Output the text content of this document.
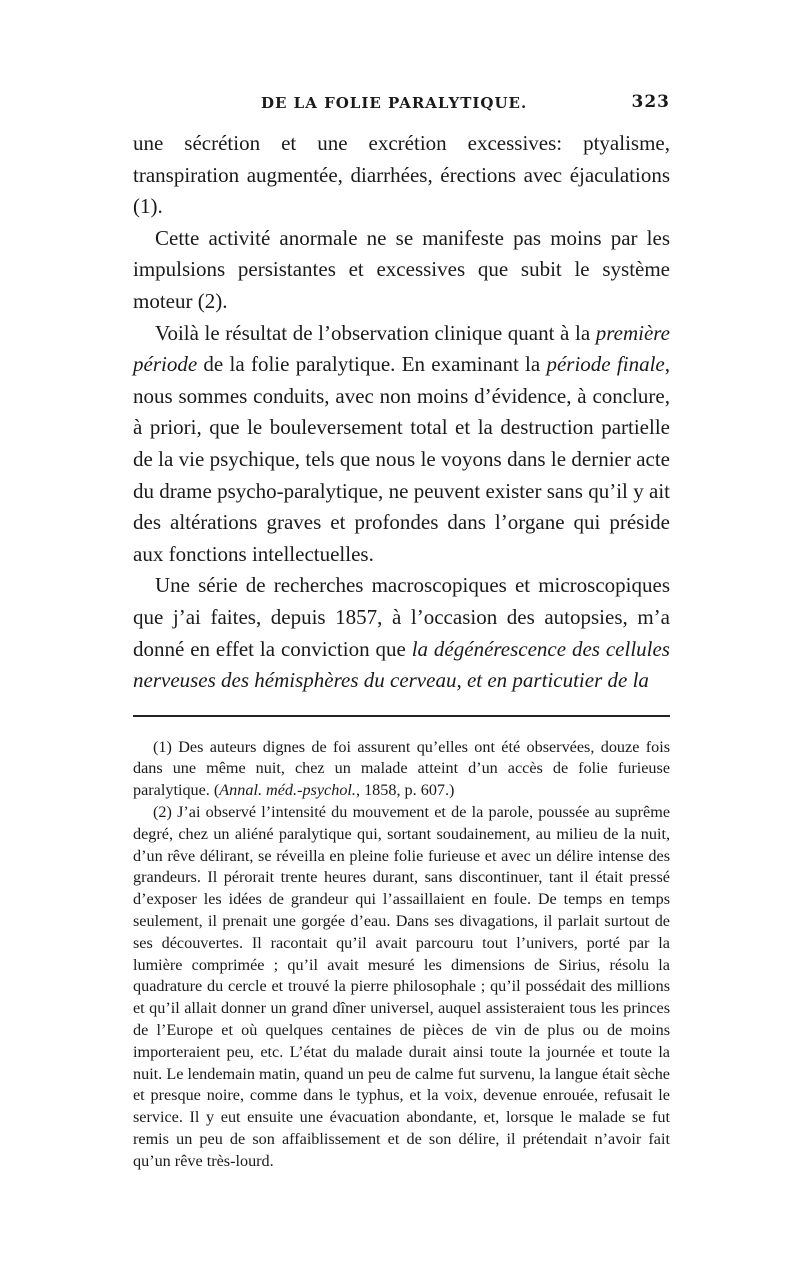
DE LA FOLIE PARALYTIQUE.	323

une sécrétion et une excrétion excessives: ptyalisme, transpiration augmentée, diarrhées, érections avec éjaculations (1).

Cette activité anormale ne se manifeste pas moins par les impulsions persistantes et excessives que subit le système moteur (2).

Voilà le résultat de l’observation clinique quant à la première période de la folie paralytique. En examinant la période finale, nous sommes conduits, avec non moins d’évidence, à conclure, à priori, que le bouleversement total et la destruction partielle de la vie psychique, tels que nous le voyons dans le dernier acte du drame psycho-paralytique, ne peuvent exister sans qu’il y ait des altérations graves et profondes dans l’organe qui préside aux fonctions intellectuelles.

Une série de recherches macroscopiques et microscopiques que j’ai faites, depuis 1857, à l’occasion des autopsies, m’a donné en effet la conviction que la dégénérescence des cellules nerveuses des hémisphères du cerveau, et en particutier de la

(1) Des auteurs dignes de foi assurent qu’elles ont été observées, douze fois dans une même nuit, chez un malade atteint d’un accès de folie furieuse paralytique. (Annal. méd.-psychol., 1858, p. 607.)

(2) J’ai observé l’intensité du mouvement et de la parole, poussée au suprême degré, chez un aliéné paralytique qui, sortant soudainement, au milieu de la nuit, d’un rêve délirant, se réveilla en pleine folie furieuse et avec un délire intense des grandeurs. Il pérorait trente heures durant, sans discontinuer, tant il était pressé d’exposer les idées de grandeur qui l’assaillaient en foule. De temps en temps seulement, il prenait une gorgée d’eau. Dans ses divagations, il parlait surtout de ses découvertes. Il racontait qu’il avait parcouru tout l’univers, porté par la lumière comprimée ; qu’il avait mesuré les dimensions de Sirius, résolu la quadrature du cercle et trouvé la pierre philosophale ; qu’il possédait des millions et qu’il allait donner un grand dîner universel, auquel assisteraient tous les princes de l’Europe et où quelques centaines de pièces de vin de plus ou de moins importeraient peu, etc. L’état du malade durait ainsi toute la journée et toute la nuit. Le lendemain matin, quand un peu de calme fut survenu, la langue était sèche et presque noire, comme dans le typhus, et la voix, devenue enrouée, refusait le service. Il y eut ensuite une évacuation abondante, et, lorsque le malade se fut remis un peu de son affaiblissement et de son délire, il prétendait n’avoir fait qu’un rêve très-lourd.
